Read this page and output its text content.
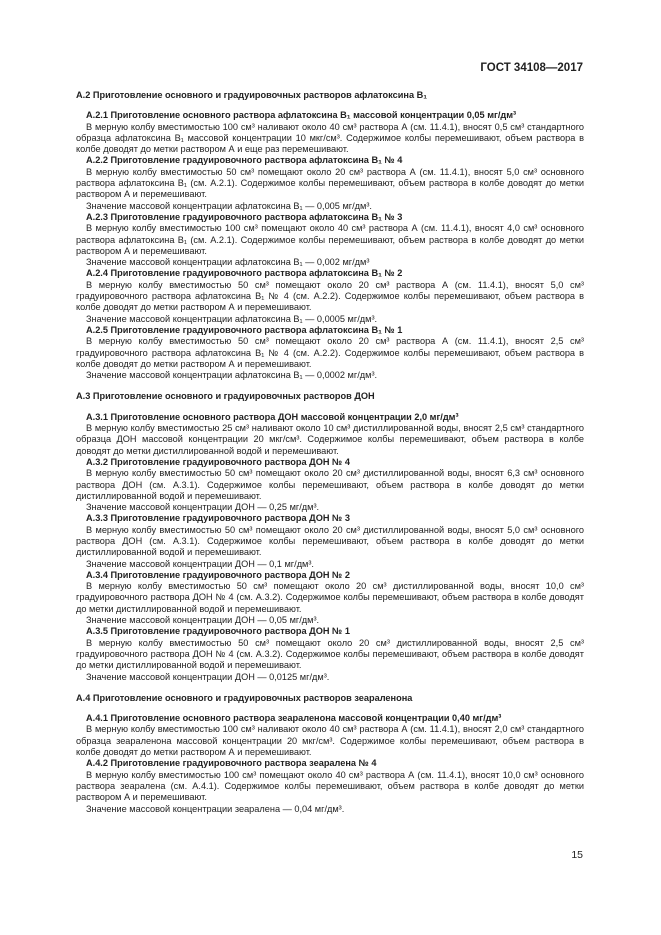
ГОСТ 34108—2017
А.2 Приготовление основного и градуировочных растворов афлатоксина В₁
А.2.1 Приготовление основного раствора афлатоксина В₁ массовой концентрации 0,05 мг/дм³
В мерную колбу вместимостью 100 см³ наливают около 40 см³ раствора А (см. 11.4.1), вносят 0,5 см³ стандартного образца афлатоксина В₁ массовой концентрации 10 мкг/см³. Содержимое колбы перемешивают, объем раствора в колбе доводят до метки раствором А и еще раз перемешивают.
А.2.2 Приготовление градуировочного раствора афлатоксина В₁ № 4
В мерную колбу вместимостью 50 см³ помещают около 20 см³ раствора А (см. 11.4.1), вносят 5,0 см³ основного раствора афлатоксина В₁ (см. А.2.1). Содержимое колбы перемешивают, объем раствора в колбе доводят до метки раствором А и перемешивают.
Значение массовой концентрации афлатоксина В₁ — 0,005 мг/дм³.
А.2.3 Приготовление градуировочного раствора афлатоксина В₁ № 3
В мерную колбу вместимостью 100 см³ помещают около 40 см³ раствора А (см. 11.4.1), вносят 4,0 см³ основного раствора афлатоксина В₁ (см. А.2.1). Содержимое колбы перемешивают, объем раствора в колбе доводят до метки раствором А и перемешивают.
Значение массовой концентрации афлатоксина В₁ — 0,002 мг/дм³
А.2.4 Приготовление градуировочного раствора афлатоксина В₁ № 2
В мерную колбу вместимостью 50 см³ помещают около 20 см³ раствора А (см. 11.4.1), вносят 5,0 см³ градуировочного раствора афлатоксина В₁ № 4 (см. А.2.2). Содержимое колбы перемешивают, объем раствора в колбе доводят до метки раствором А и перемешивают.
Значение массовой концентрации афлатоксина В₁ — 0,0005 мг/дм³.
А.2.5 Приготовление градуировочного раствора афлатоксина В₁ № 1
В мерную колбу вместимостью 50 см³ помещают около 20 см³ раствора А (см. 11.4.1), вносят 2,5 см³ градуировочного раствора афлатоксина В₁ № 4 (см. А.2.2). Содержимое колбы перемешивают, объем раствора в колбе доводят до метки раствором А и перемешивают.
Значение массовой концентрации афлатоксина В₁ — 0,0002 мг/дм³.
А.3 Приготовление основного и градуировочных растворов ДОН
А.3.1 Приготовление основного раствора ДОН массовой концентрации 2,0 мг/дм³
В мерную колбу вместимостью 25 см³ наливают около 10 см³ дистиллированной воды, вносят 2,5 см³ стандартного образца ДОН массовой концентрации 20 мкг/см³. Содержимое колбы перемешивают, объем раствора в колбе доводят до метки дистиллированной водой и перемешивают.
А.3.2 Приготовление градуировочного раствора ДОН № 4
В мерную колбу вместимостью 50 см³ помещают около 20 см³ дистиллированной воды, вносят 6,3 см³ основного раствора ДОН (см. А.3.1). Содержимое колбы перемешивают, объем раствора в колбе доводят до метки дистиллированной водой и перемешивают.
Значение массовой концентрации ДОН — 0,25 мг/дм³.
А.3.3 Приготовление градуировочного раствора ДОН № 3
В мерную колбу вместимостью 50 см³ помещают около 20 см³ дистиллированной воды, вносят 5,0 см³ основного раствора ДОН (см. А.3.1). Содержимое колбы перемешивают, объем раствора в колбе доводят до метки дистиллированной водой и перемешивают.
Значение массовой концентрации ДОН — 0,1 мг/дм³.
А.3.4 Приготовление градуировочного раствора ДОН № 2
В мерную колбу вместимостью 50 см³ помещают около 20 см³ дистиллированной воды, вносят 10,0 см³ градуировочного раствора ДОН № 4 (см. А.3.2). Содержимое колбы перемешивают, объем раствора в колбе доводят до метки дистиллированной водой и перемешивают.
Значение массовой концентрации ДОН — 0,05 мг/дм³.
А.3.5 Приготовление градуировочного раствора ДОН № 1
В мерную колбу вместимостью 50 см³ помещают около 20 см³ дистиллированной воды, вносят 2,5 см³ градуировочного раствора ДОН № 4 (см. А.3.2). Содержимое колбы перемешивают, объем раствора в колбе доводят до метки дистиллированной водой и перемешивают.
Значение массовой концентрации ДОН — 0,0125 мг/дм³.
А.4 Приготовление основного и градуировочных растворов зеараленона
А.4.1 Приготовление основного раствора зеараленона массовой концентрации 0,40 мг/дм³
В мерную колбу вместимостью 100 см³ наливают около 40 см³ раствора А (см. 11.4.1), вносят 2,0 см³ стандартного образца зеараленона массовой концентрации 20 мкг/см³. Содержимое колбы перемешивают, объем раствора в колбе доводят до метки раствором А и перемешивают.
А.4.2 Приготовление градуировочного раствора зеаралена № 4
В мерную колбу вместимостью 100 см³ помещают около 40 см³ раствора А (см. 11.4.1), вносят 10,0 см³ основного раствора зеаралена (см. А.4.1). Содержимое колбы перемешивают, объем раствора в колбе доводят до метки раствором А и перемешивают.
Значение массовой концентрации зеаралена — 0,04 мг/дм³.
15
